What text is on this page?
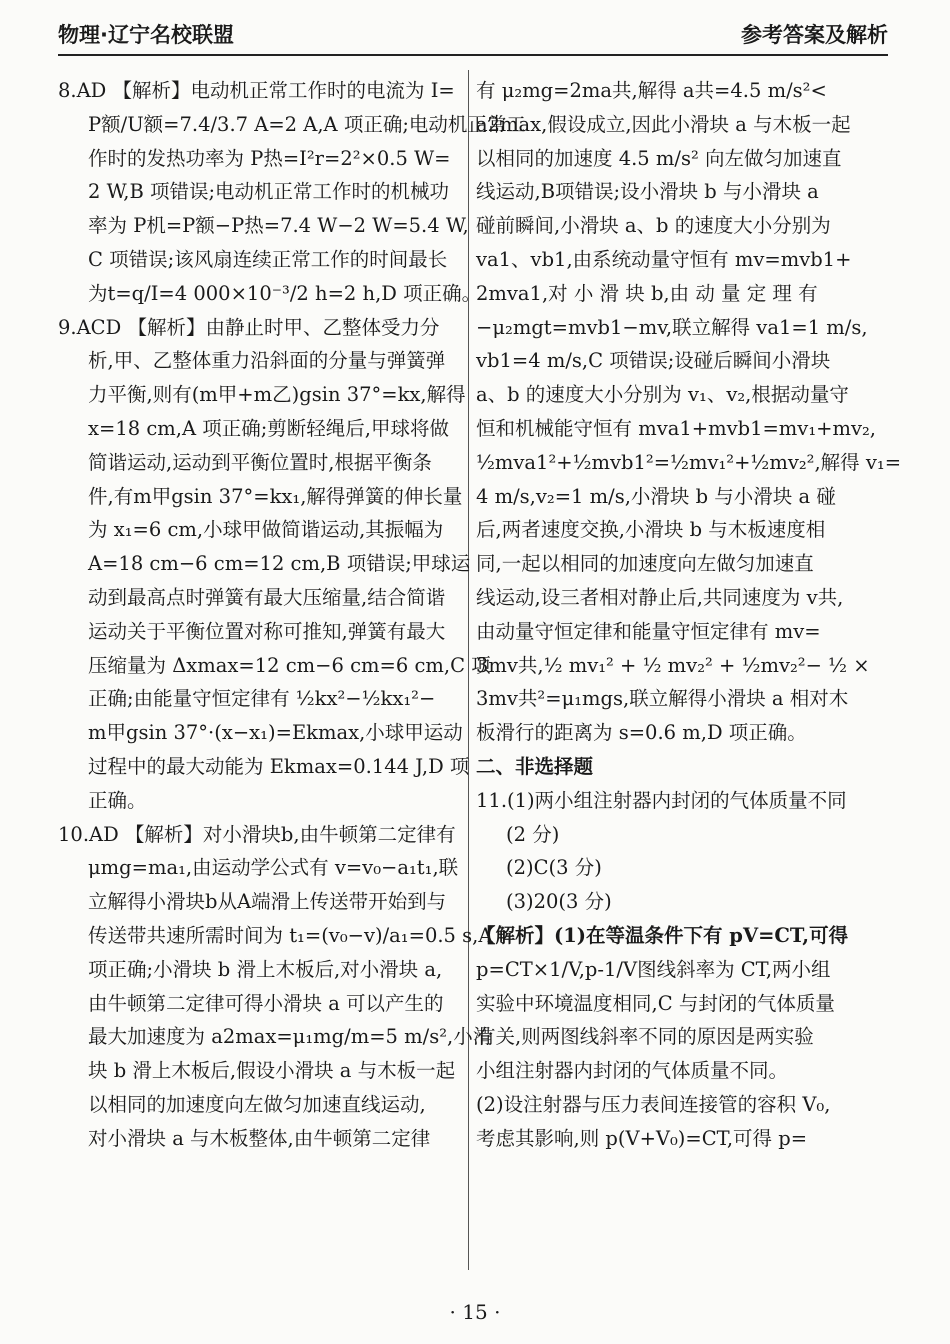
物理·辽宁名校联盟	参考答案及解析
8.AD 【解析】电动机正常工作时的电流为 I=
P额/U额=7.4/3.7 A=2 A,A 项正确;电动机正常工
作时的发热功率为 P热=I²r=2²×0.5 W=
2 W,B 项错误;电动机正常工作时的机械功
率为 P机=P额−P热=7.4 W−2 W=5.4 W,
C 项错误;该风扇连续正常工作的时间最长
为t=q/I=4 000×10⁻³/2 h=2 h,D 项正确。
9.ACD 【解析】由静止时甲、乙整体受力分
析,甲、乙整体重力沿斜面的分量与弹簧弹
力平衡,则有(m甲+m乙)gsin 37°=kx,解得
x=18 cm,A 项正确;剪断轻绳后,甲球将做
简谐运动,运动到平衡位置时,根据平衡条
件,有m甲gsin 37°=kx₁,解得弹簧的伸长量
为 x₁=6 cm,小球甲做简谐运动,其振幅为
A=18 cm−6 cm=12 cm,B 项错误;甲球运
动到最高点时弹簧有最大压缩量,结合简谐
运动关于平衡位置对称可推知,弹簧有最大
压缩量为 Δxmax=12 cm−6 cm=6 cm,C 项
正确;由能量守恒定律有 ½kx²−½kx₁²−
m甲gsin 37°·(x−x₁)=Ekmax,小球甲运动
过程中的最大动能为 Ekmax=0.144 J,D 项
正确。
10.AD 【解析】对小滑块b,由牛顿第二定律有
μmg=ma₁,由运动学公式有 v=v₀−a₁t₁,联
立解得小滑块b从A端滑上传送带开始到与
传送带共速所需时间为 t₁=(v₀−v)/a₁=0.5 s,A
项正确;小滑块 b 滑上木板后,对小滑块 a,
由牛顿第二定律可得小滑块 a 可以产生的
最大加速度为 a2max=μ₁mg/m=5 m/s²,小滑
块 b 滑上木板后,假设小滑块 a 与木板一起
以相同的加速度向左做匀加速直线运动,
对小滑块 a 与木板整体,由牛顿第二定律
有 μ₂mg=2ma共,解得 a共=4.5 m/s²<
a2max,假设成立,因此小滑块 a 与木板一起
以相同的加速度 4.5 m/s² 向左做匀加速直
线运动,B项错误;设小滑块 b 与小滑块 a
碰前瞬间,小滑块 a、b 的速度大小分别为
va1、vb1,由系统动量守恒有 mv=mvb1+
2mva1,对 小 滑 块 b,由 动 量 定 理 有
−μ₂mgt=mvb1−mv,联立解得 va1=1 m/s,
vb1=4 m/s,C 项错误;设碰后瞬间小滑块
a、b 的速度大小分别为 v₁、v₂,根据动量守
恒和机械能守恒有 mva1+mvb1=mv₁+mv₂,
½mva1²+½mvb1²=½mv₁²+½mv₂²,解得 v₁=
4 m/s,v₂=1 m/s,小滑块 b 与小滑块 a 碰
后,两者速度交换,小滑块 b 与木板速度相
同,一起以相同的加速度向左做匀加速直
线运动,设三者相对静止后,共同速度为 v共,
由动量守恒定律和能量守恒定律有 mv=
3mv共,½ mv₁² + ½ mv₂² + ½mv₂²− ½ ×
3mv共²=μ₁mgs,联立解得小滑块 a 相对木
板滑行的距离为 s=0.6 m,D 项正确。
二、非选择题
11.(1)两小组注射器内封闭的气体质量不同
(2 分)
(2)C(3 分)
(3)20(3 分)
【解析】(1)在等温条件下有 pV=CT,可得
p=CT×1/V,p-1/V图线斜率为 CT,两小组
实验中环境温度相同,C 与封闭的气体质量
有关,则两图线斜率不同的原因是两实验
小组注射器内封闭的气体质量不同。
(2)设注射器与压力表间连接管的容积 V₀,
考虑其影响,则 p(V+V₀)=CT,可得 p=
· 15 ·
